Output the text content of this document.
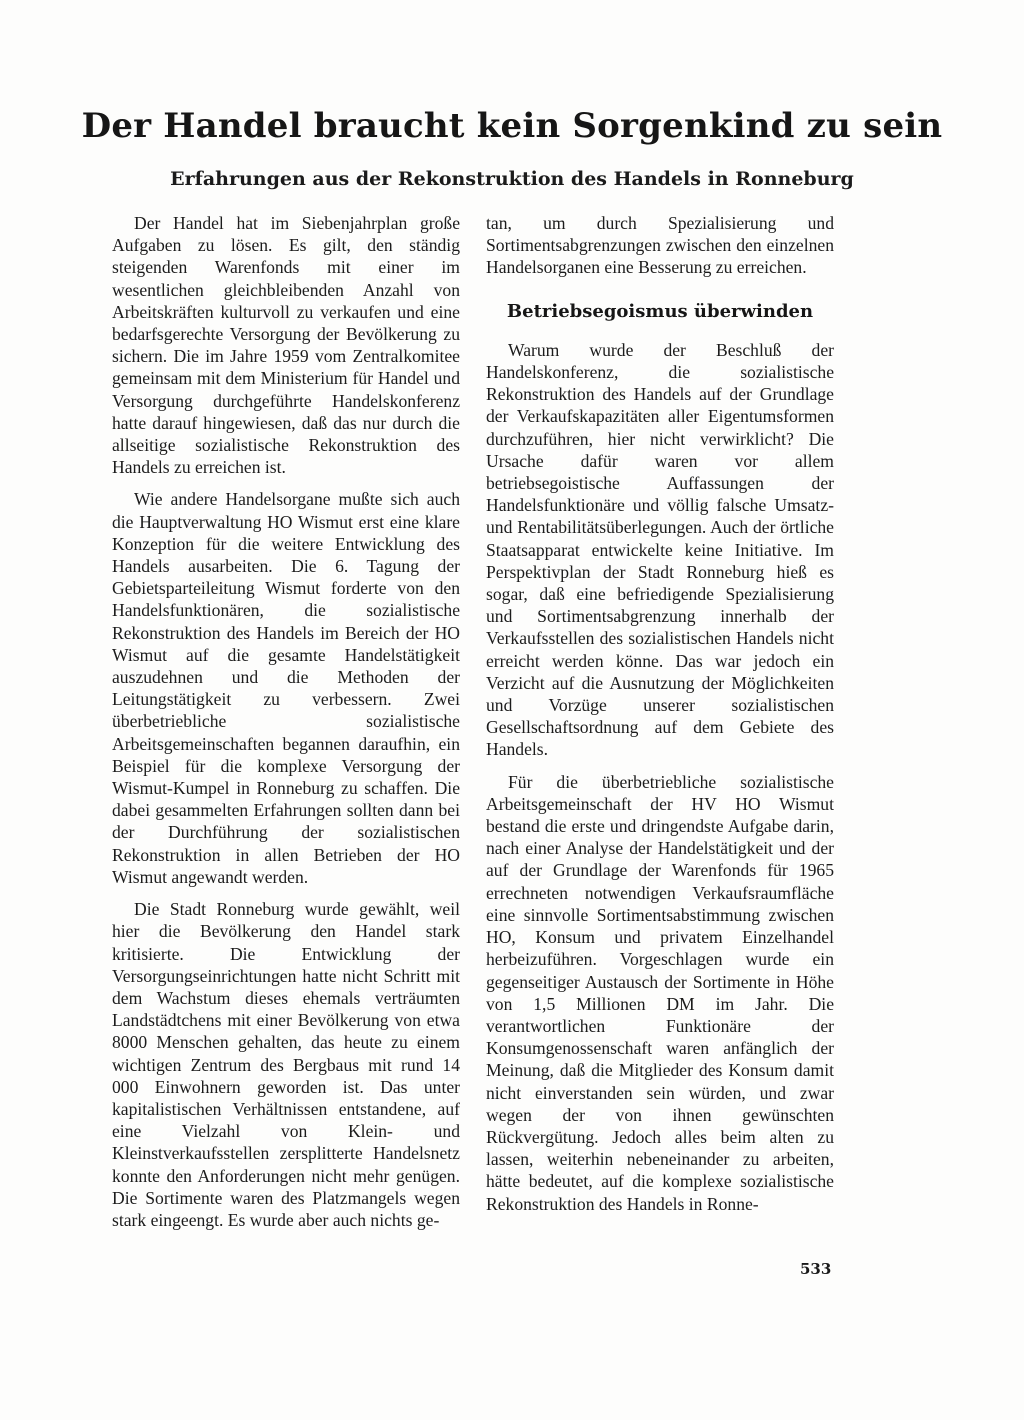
Der Handel braucht kein Sorgenkind zu sein
Erfahrungen aus der Rekonstruktion des Handels in Ronneburg

Der Handel hat im Siebenjahrplan große Aufgaben zu lösen. Es gilt, den ständig steigenden Warenfonds mit einer im wesentlichen gleichbleibenden Anzahl von Arbeitskräften kulturvoll zu verkaufen und eine bedarfsgerechte Versorgung der Bevölkerung zu sichern. Die im Jahre 1959 vom Zentralkomitee gemeinsam mit dem Ministerium für Handel und Versorgung durchgeführte Handelskonferenz hatte darauf hingewiesen, daß das nur durch die allseitige sozialistische Rekonstruktion des Handels zu erreichen ist.

Wie andere Handelsorgane mußte sich auch die Hauptverwaltung HO Wismut erst eine klare Konzeption für die weitere Entwicklung des Handels ausarbeiten. Die 6. Tagung der Gebietsparteileitung Wismut forderte von den Handelsfunktionären, die sozialistische Rekonstruktion des Handels im Bereich der HO Wismut auf die gesamte Handelstätigkeit auszudehnen und die Methoden der Leitungstätigkeit zu verbessern. Zwei überbetriebliche sozialistische Arbeitsgemeinschaften begannen daraufhin, ein Beispiel für die komplexe Versorgung der Wismut-Kumpel in Ronneburg zu schaffen. Die dabei gesammelten Erfahrungen sollten dann bei der Durchführung der sozialistischen Rekonstruktion in allen Betrieben der HO Wismut angewandt werden.

Die Stadt Ronneburg wurde gewählt, weil hier die Bevölkerung den Handel stark kritisierte. Die Entwicklung der Versorgungseinrichtungen hatte nicht Schritt mit dem Wachstum dieses ehemals verträumten Landstädtchens mit einer Bevölkerung von etwa 8000 Menschen gehalten, das heute zu einem wichtigen Zentrum des Bergbaus mit rund 14 000 Einwohnern geworden ist. Das unter kapitalistischen Verhältnissen entstandene, auf eine Vielzahl von Klein- und Kleinstverkaufsstellen zersplitterte Handelsnetz konnte den Anforderungen nicht mehr genügen. Die Sortimente waren des Platzmangels wegen stark eingeengt. Es wurde aber auch nichts ge-

tan, um durch Spezialisierung und Sortimentsabgrenzungen zwischen den einzelnen Handelsorganen eine Besserung zu erreichen.

Betriebsegoismus überwinden

Warum wurde der Beschluß der Handelskonferenz, die sozialistische Rekonstruktion des Handels auf der Grundlage der Verkaufskapazitäten aller Eigentumsformen durchzuführen, hier nicht verwirklicht? Die Ursache dafür waren vor allem betriebsegoistische Auffassungen der Handelsfunktionäre und völlig falsche Umsatz- und Rentabilitätsüberlegungen. Auch der örtliche Staatsapparat entwickelte keine Initiative. Im Perspektivplan der Stadt Ronneburg hieß es sogar, daß eine befriedigende Spezialisierung und Sortimentsabgrenzung innerhalb der Verkaufsstellen des sozialistischen Handels nicht erreicht werden könne. Das war jedoch ein Verzicht auf die Ausnutzung der Möglichkeiten und Vorzüge unserer sozialistischen Gesellschaftsordnung auf dem Gebiete des Handels.

Für die überbetriebliche sozialistische Arbeitsgemeinschaft der HV HO Wismut bestand die erste und dringendste Aufgabe darin, nach einer Analyse der Handelstätigkeit und der auf der Grundlage der Warenfonds für 1965 errechneten notwendigen Verkaufsraumfläche eine sinnvolle Sortimentsabstimmung zwischen HO, Konsum und privatem Einzelhandel herbeizuführen. Vorgeschlagen wurde ein gegenseitiger Austausch der Sortimente in Höhe von 1,5 Millionen DM im Jahr. Die verantwortlichen Funktionäre der Konsumgenossenschaft waren anfänglich der Meinung, daß die Mitglieder des Konsum damit nicht einverstanden sein würden, und zwar wegen der von ihnen gewünschten Rückvergütung. Jedoch alles beim alten zu lassen, weiterhin nebeneinander zu arbeiten, hätte bedeutet, auf die komplexe sozialistische Rekonstruktion des Handels in Ronne-

533
